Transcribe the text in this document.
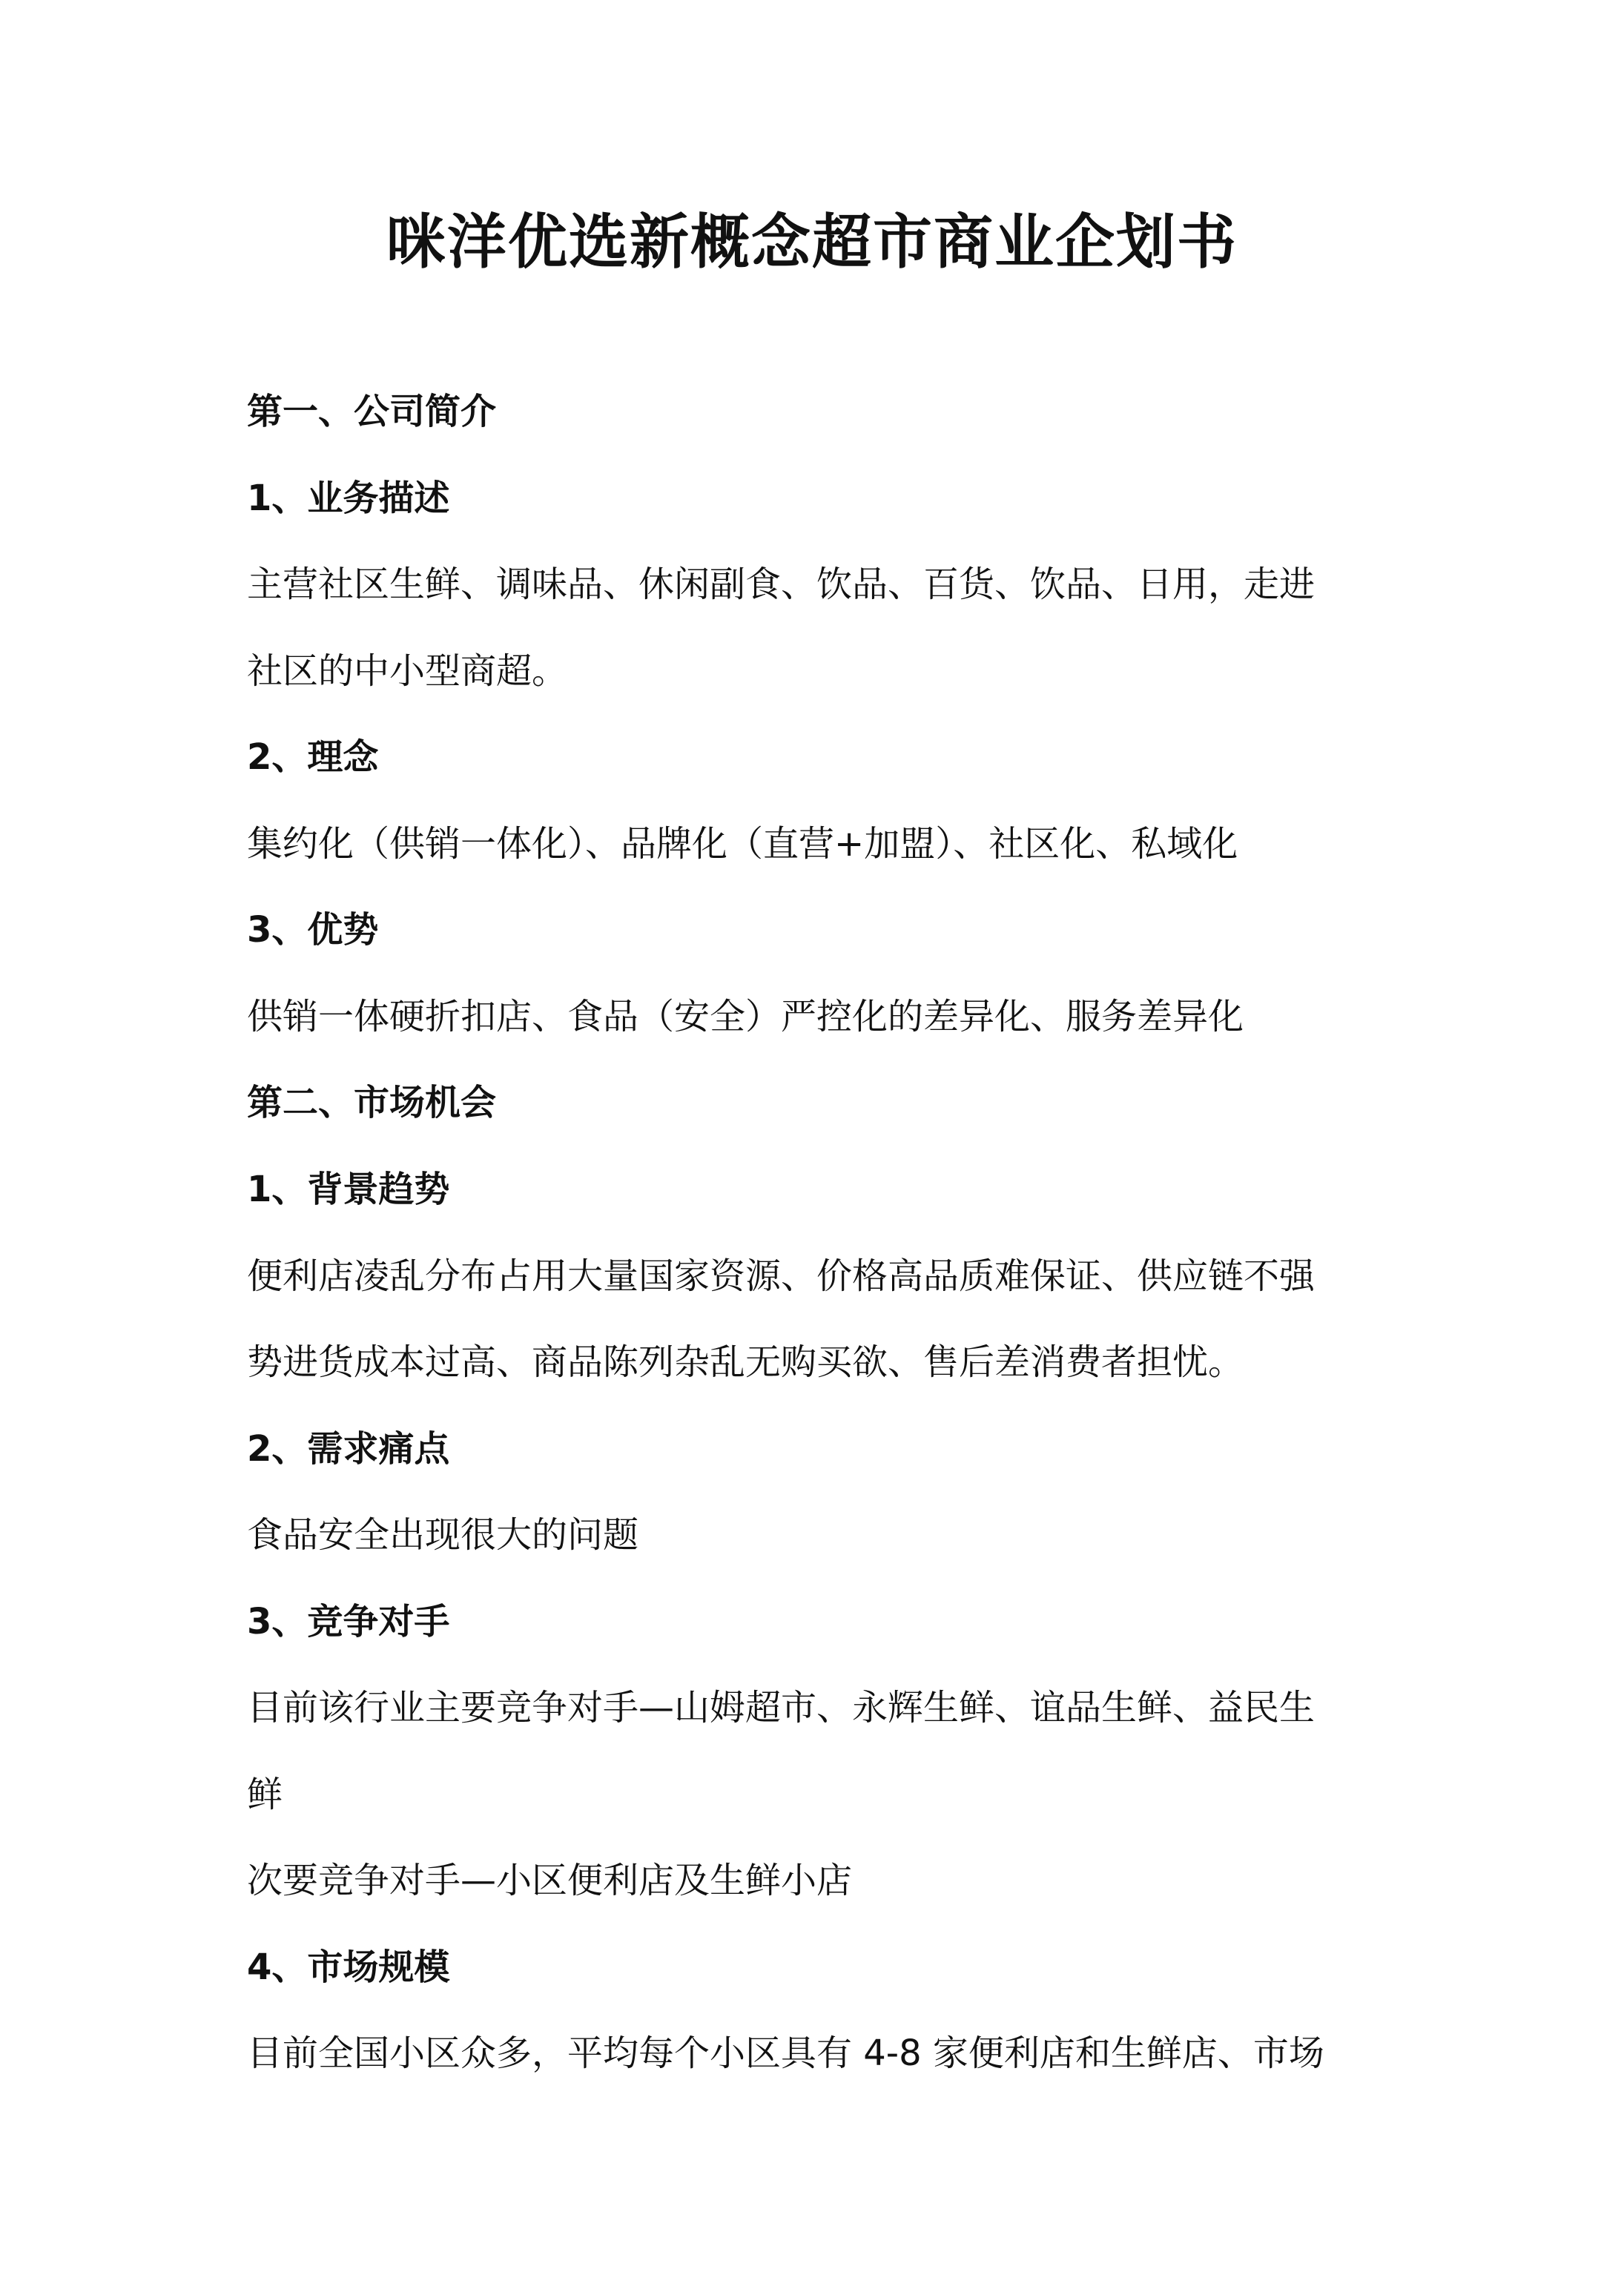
咪洋优选新概念超市商业企划书
第一、公司简介
1、业务描述
主营社区生鲜、调味品、休闲副食、饮品、百货、饮品、日用，走进
社区的中小型商超。
2、理念
集约化（供销一体化）、品牌化（直营+加盟）、社区化、私域化
3、优势
供销一体硬折扣店、食品（安全）严控化的差异化、服务差异化
第二、市场机会
1、背景趋势
便利店凌乱分布占用大量国家资源、价格高品质难保证、供应链不强
势进货成本过高、商品陈列杂乱无购买欲、售后差消费者担忧。
2、需求痛点
食品安全出现很大的问题
3、竞争对手
目前该行业主要竞争对手—山姆超市、永辉生鲜、谊品生鲜、益民生
鲜
次要竞争对手—小区便利店及生鲜小店
4、市场规模
目前全国小区众多，平均每个小区具有 4-8 家便利店和生鲜店、市场
